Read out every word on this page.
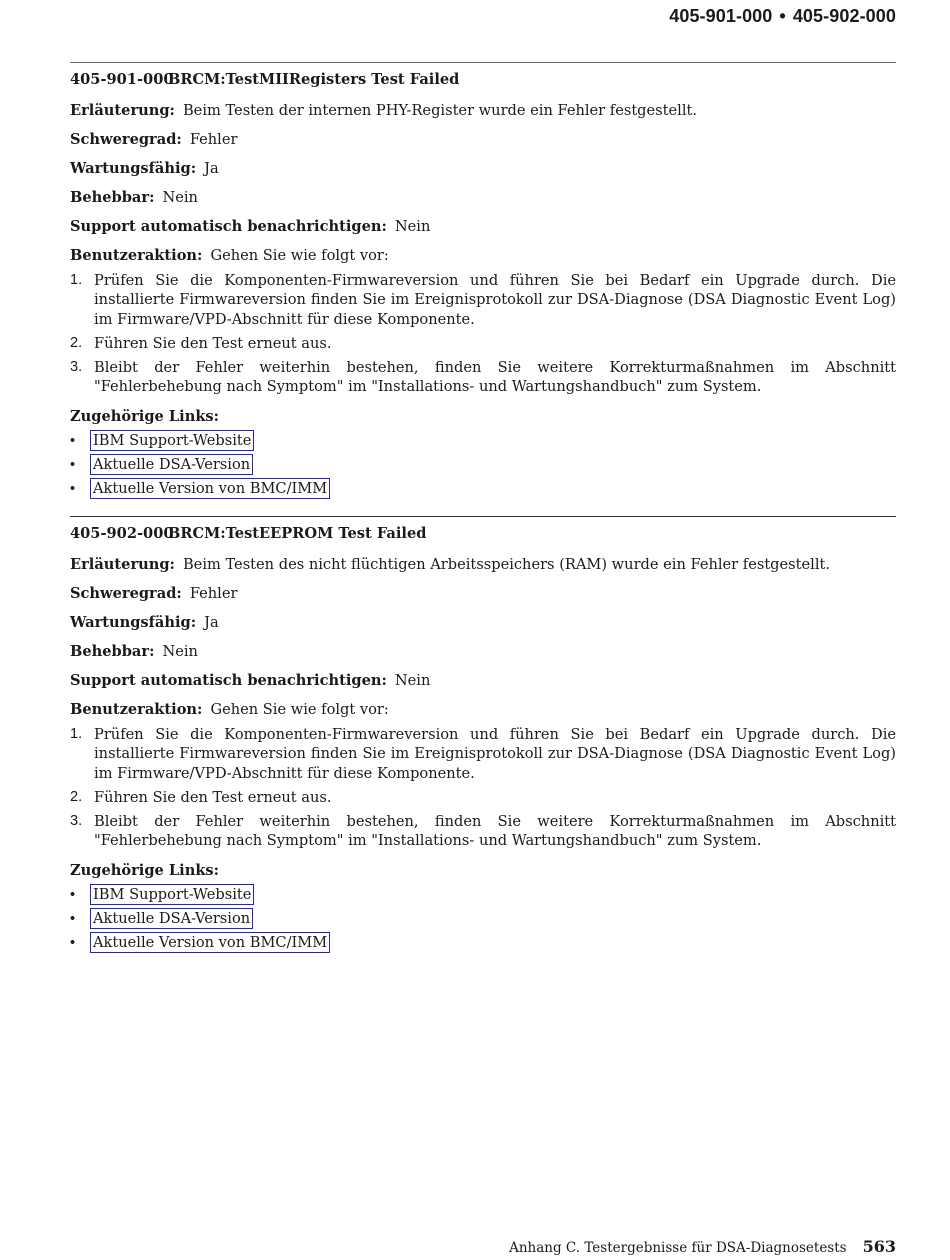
405-901-000 • 405-902-000
405-901-000BRCM:TestMIIRegisters Test Failed
Erläuterung: Beim Testen der internen PHY-Register wurde ein Fehler festgestellt.
Schweregrad: Fehler
Wartungsfähig: Ja
Behebbar: Nein
Support automatisch benachrichtigen: Nein
Benutzeraktion: Gehen Sie wie folgt vor:
1. Prüfen Sie die Komponenten-Firmwareversion und führen Sie bei Bedarf ein Upgrade durch. Die installierte Firmwareversion finden Sie im Ereignisprotokoll zur DSA-Diagnose (DSA Diagnostic Event Log) im Firmware/VPD-Abschnitt für diese Komponente.
2. Führen Sie den Test erneut aus.
3. Bleibt der Fehler weiterhin bestehen, finden Sie weitere Korrekturmaßnahmen im Abschnitt "Fehlerbehebung nach Symptom" im "Installations- und Wartungshandbuch" zum System.
Zugehörige Links:
• IBM Support-Website
• Aktuelle DSA-Version
• Aktuelle Version von BMC/IMM
405-902-000BRCM:TestEEPROM Test Failed
Erläuterung: Beim Testen des nicht flüchtigen Arbeitsspeichers (RAM) wurde ein Fehler festgestellt.
Schweregrad: Fehler
Wartungsfähig: Ja
Behebbar: Nein
Support automatisch benachrichtigen: Nein
Benutzeraktion: Gehen Sie wie folgt vor:
1. Prüfen Sie die Komponenten-Firmwareversion und führen Sie bei Bedarf ein Upgrade durch. Die installierte Firmwareversion finden Sie im Ereignisprotokoll zur DSA-Diagnose (DSA Diagnostic Event Log) im Firmware/VPD-Abschnitt für diese Komponente.
2. Führen Sie den Test erneut aus.
3. Bleibt der Fehler weiterhin bestehen, finden Sie weitere Korrekturmaßnahmen im Abschnitt "Fehlerbehebung nach Symptom" im "Installations- und Wartungshandbuch" zum System.
Zugehörige Links:
• IBM Support-Website
• Aktuelle DSA-Version
• Aktuelle Version von BMC/IMM
Anhang C. Testergebnisse für DSA-Diagnosetests 563
